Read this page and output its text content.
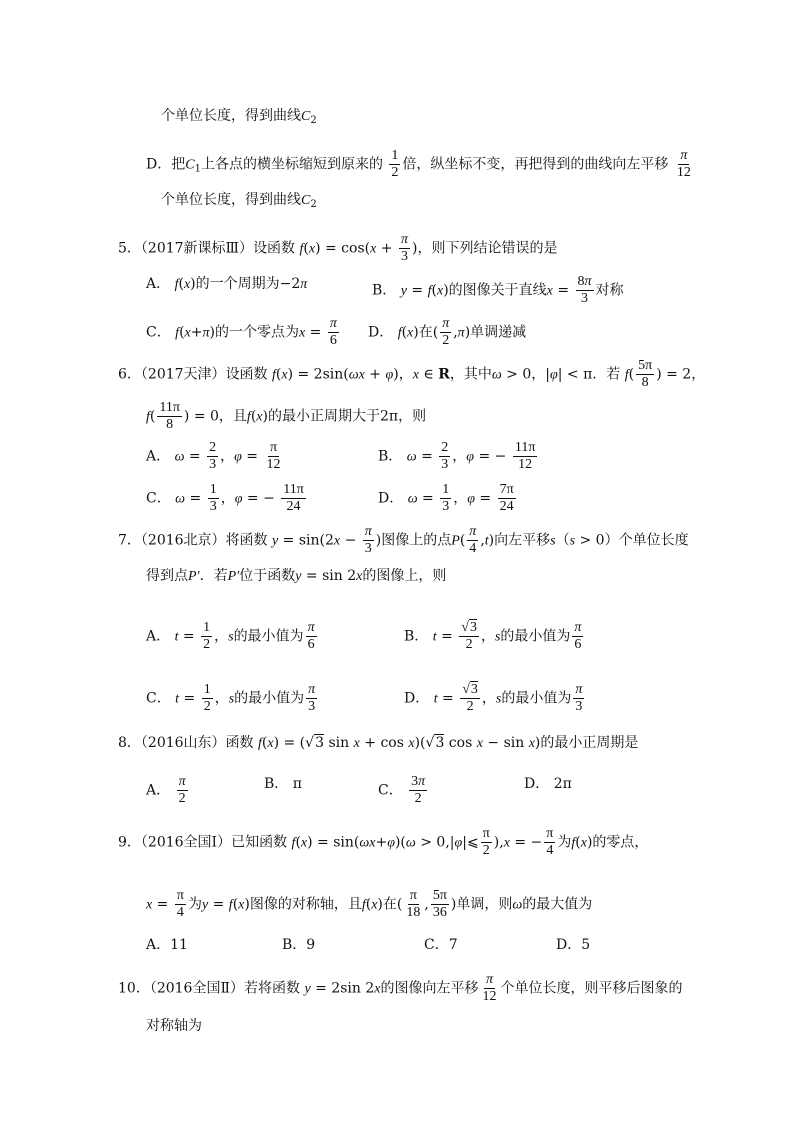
个单位长度，得到曲线$C_2$
D．把$C_1$上各点的横坐标缩短到原来的 $\frac{1}{2}$ 倍，纵坐标不变，再把得到的曲线向左平移 $\frac{\pi}{12}$
个单位长度，得到曲线$C_2$
5．（2017新课标Ⅲ）设函数 $f(x) = \cos(x + \frac{\pi}{3}$ )，则下列结论错误的是
A． f(x)的一个周期为−2π	B． y = f(x)的图像关于直线$x = \frac{8\pi}{3}$ 对称
C． f(x+π)的一个零点为$x = \frac{\pi}{6}$ D． f(x)在( $\frac{\pi}{2} ,\pi$)单调递减
6．（2017天津）设函数 f(x) = 2sin(ωx + φ)，x ∈ R，其中ω > 0，|φ| < π．若 $f( \frac{5\pi}{8}$ ) = 2，
$f( \frac{11\pi}{8}$ ) = 0，且f(x)的最小正周期大于2π，则
A． $\omega = \frac{2}{3}$ ，$\varphi = \frac{\pi}{12}$	B． $\omega = \frac{2}{3}$ ，φ = − $\frac{11\pi}{12}$
C． $\omega = \frac{1}{3}$ ，φ = − $\frac{11\pi}{24}$	D． $\omega = \frac{1}{3}$ ，$\varphi = \frac{7\pi}{24}$
7．（2016北京）将函数 $y = \sin(2x - \frac{\pi}{3}$ )图像上的点$P( \frac{\pi}{4} ,t)$向左平移s（s > 0）个单位长度
得到点P′．若P′位于函数y = sin 2x的图像上，则
A． $t = \frac{1}{2}$ ，s的最小值为 $\frac{\pi}{6}$	B． $t = \frac{√3}{2}$ ，s的最小值为 $\frac{\pi}{6}$
C． $t = \frac{1}{2}$ ，s的最小值为 $\frac{\pi}{3}$	D． $t = \frac{√3}{2}$ ，s的最小值为 $\frac{\pi}{3}$
8．（2016山东）函数 f(x) = (√3 sin x + cos x)(√3 cos x − sin x)的最小正周期是
A． $\frac{\pi}{2}$	B． π	C． $\frac{3\pi}{2}$	D． 2π
9．（2016全国Ⅰ）已知函数 f(x) = sin(ωx+φ)(ω > 0,|φ|⩽ $\frac{\pi}{2} ),x$ = − $\frac{\pi}{4}$ 为f(x)的零点，
$x = \frac{\pi}{4}$ 为y = f(x)图像的对称轴，且f(x)在( $\frac{\pi}{18}$ , $\frac{5\pi}{36}$ )单调，则ω的最大值为
A．11	B．9	C．7	D．5
10．（2016全国Ⅱ）若将函数 y = 2sin 2x的图像向左平移 $\frac{\pi}{12}$ 个单位长度，则平移后图象的
对称轴为
